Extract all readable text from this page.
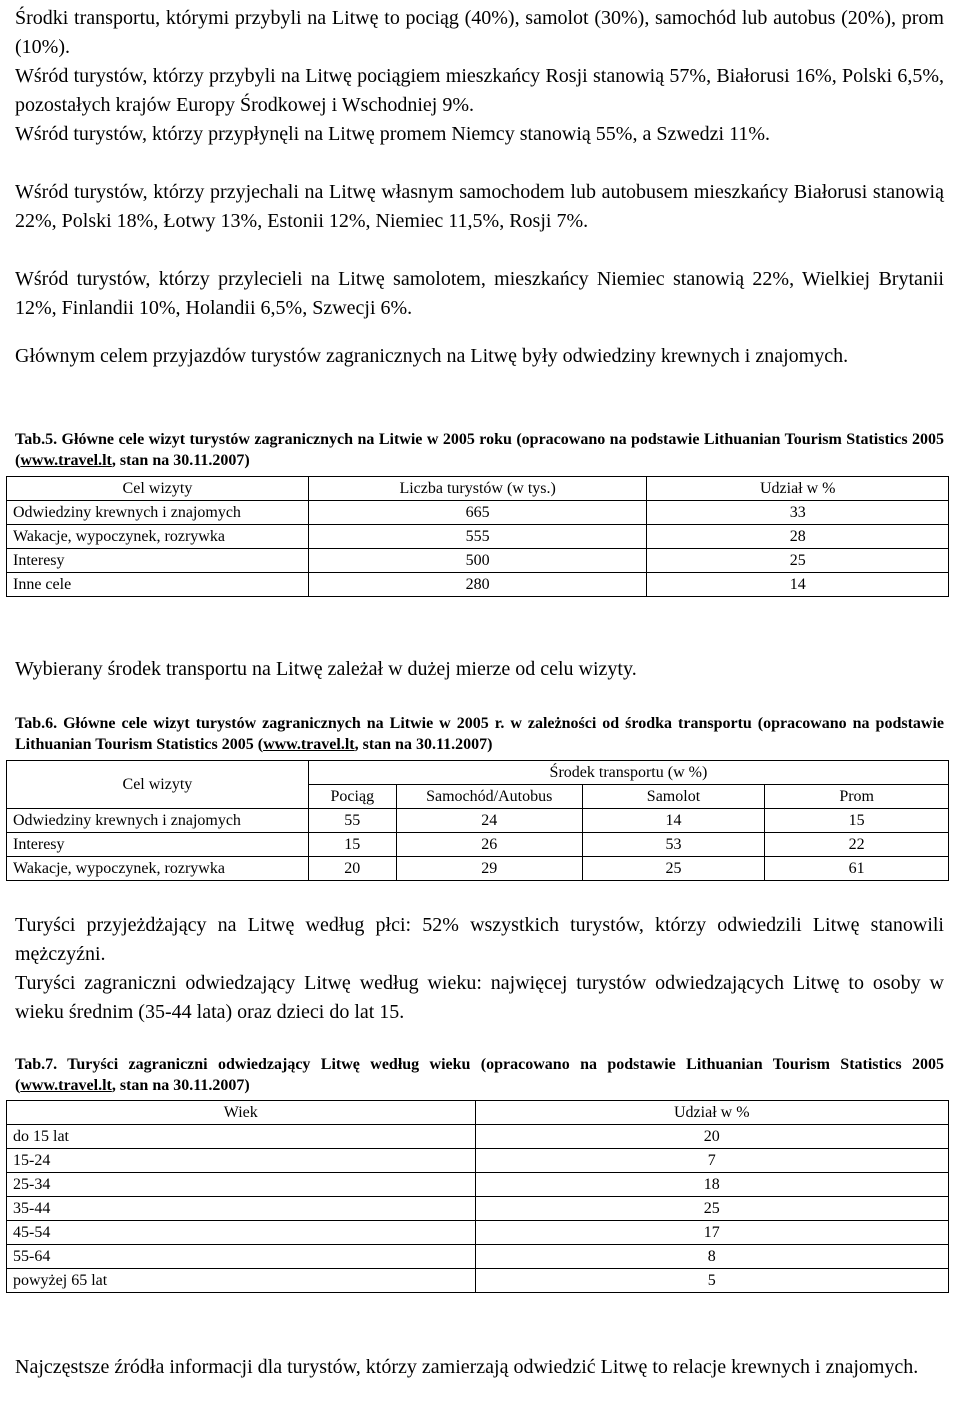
Środki transportu, którymi przybyli na Litwę to pociąg (40%), samolot (30%), samochód lub autobus (20%), prom (10%).

Wśród turystów, którzy przybyli na Litwę pociągiem mieszkańcy Rosji stanowią 57%, Białorusi 16%, Polski 6,5%, pozostałych krajów Europy Środkowej i Wschodniej 9%.

Wśród turystów, którzy przypłynęli na Litwę promem Niemcy stanowią 55%, a Szwedzi 11%.

Wśród turystów, którzy przyjechali na Litwę własnym samochodem lub autobusem mieszkańcy Białorusi stanowią 22%, Polski 18%, Łotwy 13%, Estonii 12%, Niemiec 11,5%, Rosji 7%.

Wśród turystów, którzy przylecieli na Litwę samolotem, mieszkańcy Niemiec stanowią 22%, Wielkiej Brytanii 12%, Finlandii 10%, Holandii 6,5%, Szwecji 6%.

Głównym celem przyjazdów turystów zagranicznych na Litwę były odwiedziny krewnych i znajomych.

Tab.5. Główne cele wizyt turystów zagranicznych na Litwie w 2005 roku (opracowano na podstawie Lithuanian Tourism Statistics 2005 (www.travel.lt, stan na 30.11.2007)

Cel wizyty	Liczba turystów (w tys.)	Udział w %
Odwiedziny krewnych i znajomych	665	33
Wakacje, wypoczynek, rozrywka	555	28
Interesy	500	25
Inne cele	280	14

Wybierany środek transportu na Litwę zależał w dużej mierze od celu wizyty.

Tab.6. Główne cele wizyt turystów zagranicznych na Litwie w 2005 r. w zależności od środka transportu (opracowano na podstawie Lithuanian Tourism Statistics 2005 (www.travel.lt, stan na 30.11.2007)

Cel wizyty	Środek transportu (w %)			
	Pociąg	Samochód/Autobus	Samolot	Prom
Odwiedziny krewnych i znajomych	55	24	14	15
Interesy	15	26	53	22
Wakacje, wypoczynek, rozrywka	20	29	25	61

Turyści przyjeżdżający na Litwę według płci: 52% wszystkich turystów, którzy odwiedzili Litwę stanowili mężczyźni.

Turyści zagraniczni odwiedzający Litwę według wieku: najwięcej turystów odwiedzających Litwę to osoby w wieku średnim (35-44 lata) oraz dzieci do lat 15.

Tab.7. Turyści zagraniczni odwiedzający Litwę według wieku (opracowano na podstawie Lithuanian Tourism Statistics 2005 (www.travel.lt, stan na 30.11.2007)

Wiek	Udział w %
do 15 lat	20
15-24	7
25-34	18
35-44	25
45-54	17
55-64	8
powyżej 65 lat	5

Najczęstsze źródła informacji dla turystów, którzy zamierzają odwiedzić Litwę to relacje krewnych i znajomych.
